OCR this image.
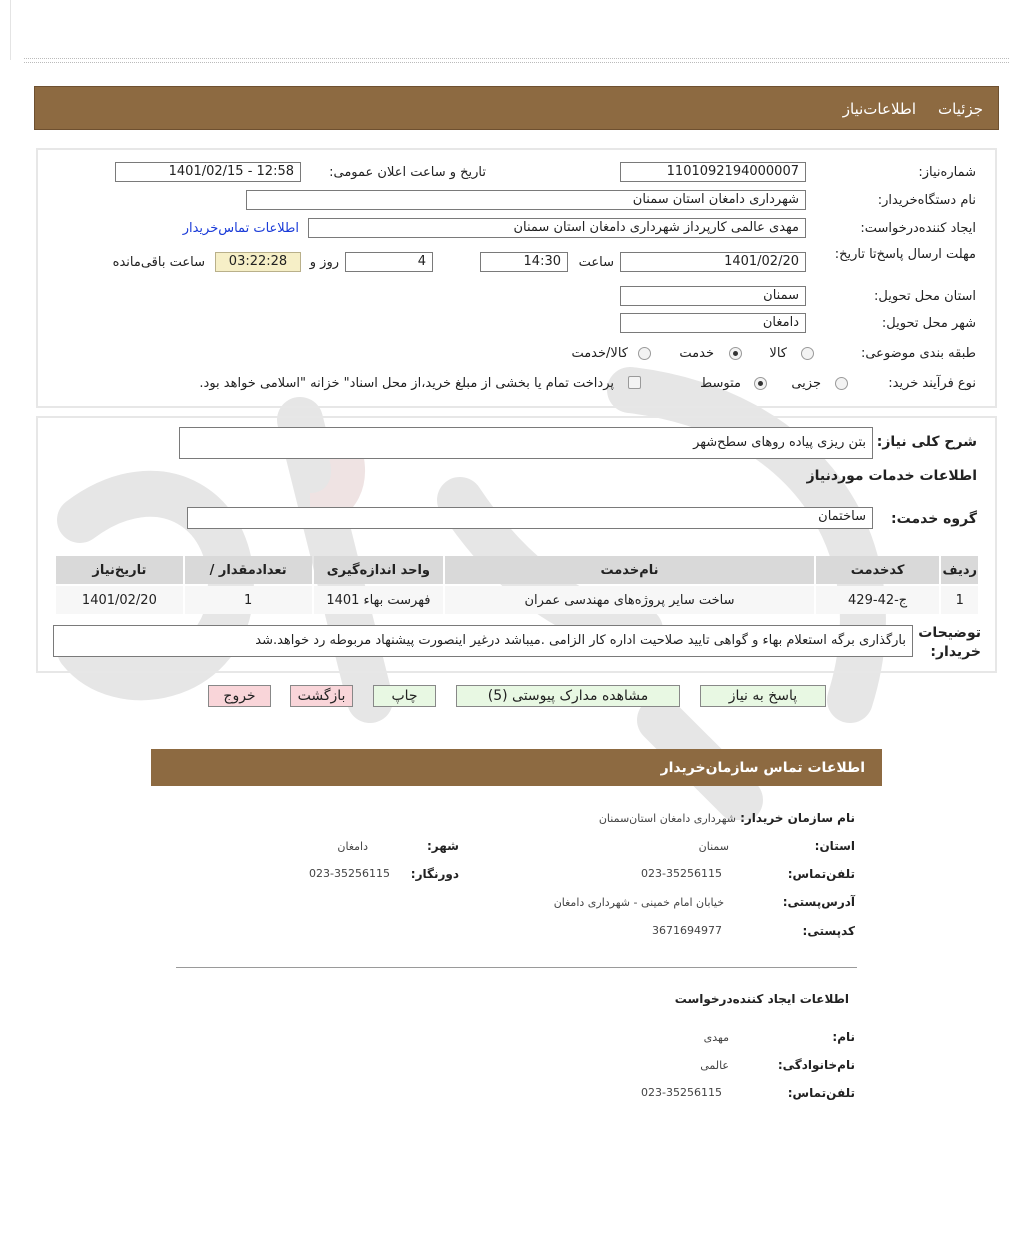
جزئیات
اطلاعات‌نیاز
شماره‌نیاز:
1101092194000007
تاریخ و ساعت اعلان عمومی:
1401/02/15 - 12:58
نام دستگاه‌خریدار:
شهرداری دامغان استان سمنان
ایجاد کننده‌درخواست:
مهدی عالمی کارپرداز شهرداری دامغان استان سمنان
اطلاعات تماس‌خریدار
مهلت ارسال پاسخ‌تا تاریخ:
1401/02/20
ساعت
14:30
4
روز و
03:22:28
ساعت باقی‌مانده
استان محل تحویل:
سمنان
شهر محل تحویل:
دامغان
طبقه بندی موضوعی:
کالا
خدمت
کالا/خدمت
نوع فرآیند خرید:
جزیی
متوسط
پرداخت تمام یا بخشی از مبلغ خرید،از محل اسناد" خزانه "اسلامی خواهد بود.
شرح کلی نیاز:
بتن ریزی پیاده روهای سطح‌شهر
اطلاعات خدمات موردنیاز
گروه خدمت:
ساختمان
ردیف	کدخدمت	نام‌خدمت	واحد اندازه‌گیری	تعدادمقدار /	تاریخ‌نیاز
1	ج-42-429	ساخت سایر پروژه‌های مهندسی عمران	فهرست بهاء 1401	1	1401/02/20
توضیحات خریدار:
بارگذاری برگه استعلام بهاء و گواهی تایید صلاحیت اداره کار الزامی .میباشد درغیر اینصورت پیشنهاد مربوطه رد خواهد.شد
پاسخ به نیاز
مشاهده مدارک پیوستی (5)
چاپ
بازگشت
خروج
اطلاعات تماس سازمان‌خریدار
نام سازمان خریدار:
شهرداری دامغان استان‌سمنان
استان:
سمنان
شهر:
دامغان
تلفن‌تماس:
023-35256115
دورنگار:
023-35256115
آدرس‌پستی:
خیابان امام خمینی - شهرداری دامغان
کدپستی:
3671694977
اطلاعات ایجاد کننده‌درخواست
نام:
مهدی
نام‌خانوادگی:
عالمی
تلفن‌تماس:
023-35256115
